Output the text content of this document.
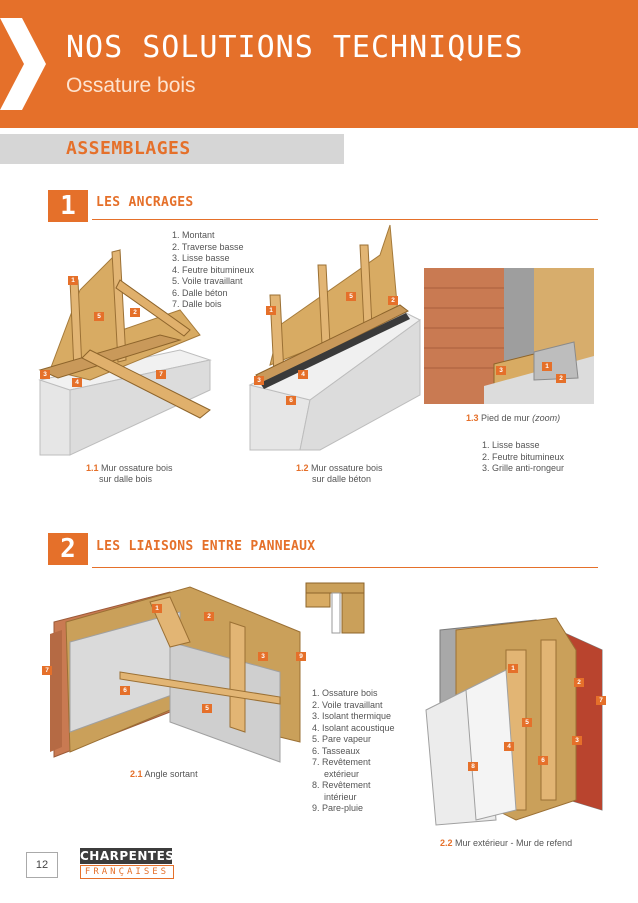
NOS SOLUTIONS TECHNIQUES
Ossature bois
ASSEMBLAGES
1	LES ANCRAGES
1
5
2
3
4
7
1.1 Mur ossature bois
sur dalle bois
1. Montant
2. Traverse basse
3. Lisse basse
4. Feutre bitumineux
5. Voile travaillant
6. Dalle béton
7. Dalle bois
1
5
2
3
4
6
1.2 Mur ossature bois
sur dalle béton
3
1
2
1.3 Pied de mur (zoom)
1. Lisse basse
2. Feutre bitumineux
3. Grille anti-rongeur
2	LES LIAISONS ENTRE PANNEAUX
1
2
3	9
7
6
5
2.1 Angle sortant
1. Ossature bois
2. Voile travaillant
3. Isolant thermique
4. Isolant acoustique
5. Pare vapeur
6. Tasseaux
7. Revêtement
extérieur
8. Revêtement
intérieur
9. Pare-pluie
1
2
7
3
5
4
6
8
2.2 Mur extérieur - Mur de refend
12
CHARPENTES
FRANÇAISES
